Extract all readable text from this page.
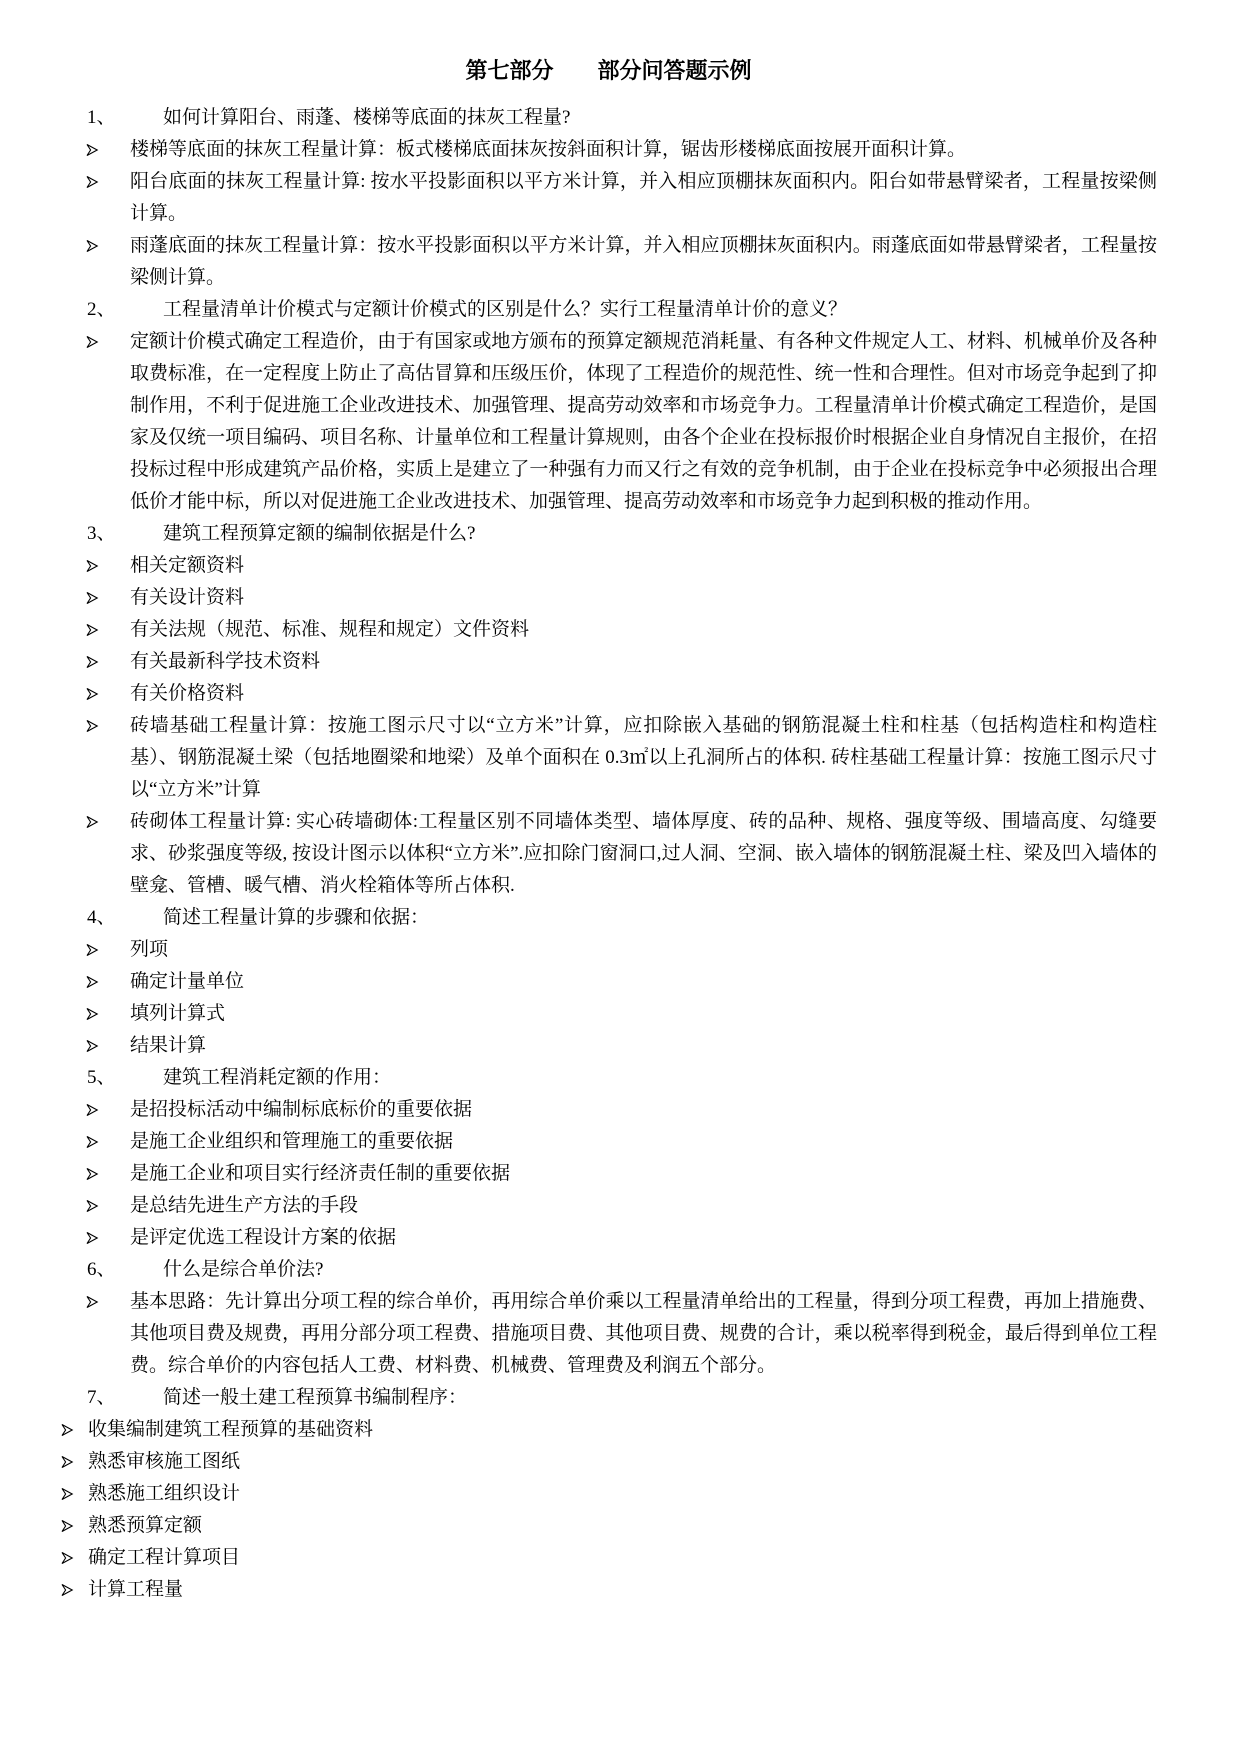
第七部分　　部分问答题示例
1、 如何计算阳台、雨蓬、楼梯等底面的抹灰工程量?
楼梯等底面的抹灰工程量计算：板式楼梯底面抹灰按斜面积计算，锯齿形楼梯底面按展开面积计算。
阳台底面的抹灰工程量计算: 按水平投影面积以平方米计算，并入相应顶棚抹灰面积内。阳台如带悬臂梁者，工程量按梁侧计算。
雨蓬底面的抹灰工程量计算：按水平投影面积以平方米计算，并入相应顶棚抹灰面积内。雨蓬底面如带悬臂梁者，工程量按梁侧计算。
2、 工程量清单计价模式与定额计价模式的区别是什么？实行工程量清单计价的意义？
定额计价模式确定工程造价，由于有国家或地方颁布的预算定额规范消耗量、有各种文件规定人工、材料、机械单价及各种取费标准，在一定程度上防止了高估冒算和压级压价，体现了工程造价的规范性、统一性和合理性。但对市场竞争起到了抑制作用，不利于促进施工企业改进技术、加强管理、提高劳动效率和市场竞争力。工程量清单计价模式确定工程造价，是国家及仅统一项目编码、项目名称、计量单位和工程量计算规则，由各个企业在投标报价时根据企业自身情况自主报价，在招投标过程中形成建筑产品价格，实质上是建立了一种强有力而又行之有效的竞争机制，由于企业在投标竞争中必须报出合理低价才能中标，所以对促进施工企业改进技术、加强管理、提高劳动效率和市场竞争力起到积极的推动作用。
3、 建筑工程预算定额的编制依据是什么?
相关定额资料
有关设计资料
有关法规（规范、标准、规程和规定）文件资料
有关最新科学技术资料
有关价格资料
砖墙基础工程量计算：按施工图示尺寸以“立方米”计算，应扣除嵌入基础的钢筋混凝土柱和柱基（包括构造柱和构造柱基）、钢筋混凝土梁（包括地圈梁和地梁）及单个面积在 0.3㎡以上孔洞所占的体积. 砖柱基础工程量计算：按施工图示尺寸以“立方米”计算
砖砌体工程量计算: 实心砖墙砌体:工程量区别不同墙体类型、墙体厚度、砖的品种、规格、强度等级、围墙高度、勾缝要求、砂浆强度等级, 按设计图示以体积“立方米”.应扣除门窗洞口,过人洞、空洞、嵌入墙体的钢筋混凝土柱、梁及凹入墙体的壁龛、管槽、暖气槽、消火栓箱体等所占体积.
4、 简述工程量计算的步骤和依据：
列项
确定计量单位
填列计算式
结果计算
5、 建筑工程消耗定额的作用：
是招投标活动中编制标底标价的重要依据
是施工企业组织和管理施工的重要依据
是施工企业和项目实行经济责任制的重要依据
是总结先进生产方法的手段
是评定优选工程设计方案的依据
6、 什么是综合单价法?
基本思路：先计算出分项工程的综合单价，再用综合单价乘以工程量清单给出的工程量，得到分项工程费，再加上措施费、其他项目费及规费，再用分部分项工程费、措施项目费、其他项目费、规费的合计，乘以税率得到税金，最后得到单位工程费。综合单价的内容包括人工费、材料费、机械费、管理费及利润五个部分。
7、 简述一般土建工程预算书编制程序：
收集编制建筑工程预算的基础资料
熟悉审核施工图纸
熟悉施工组织设计
熟悉预算定额
确定工程计算项目
计算工程量
